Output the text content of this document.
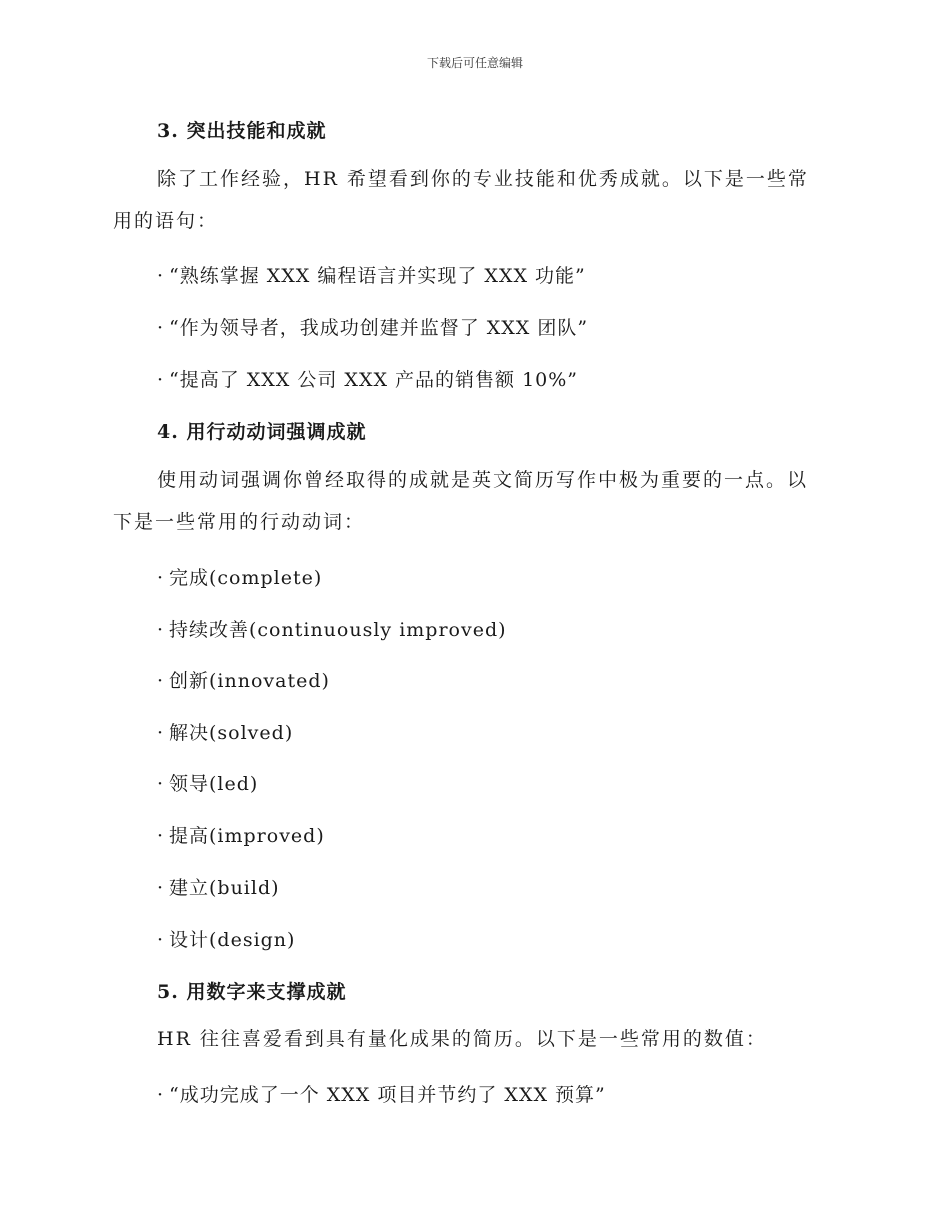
下载后可任意编辑
3. 突出技能和成就
除了工作经验，HR 希望看到你的专业技能和优秀成就。以下是一些常用的语句：
· “熟练掌握 XXX 编程语言并实现了 XXX 功能”
· “作为领导者，我成功创建并监督了 XXX 团队”
· “提高了 XXX 公司 XXX 产品的销售额 10%”
4. 用行动动词强调成就
使用动词强调你曾经取得的成就是英文简历写作中极为重要的一点。以下是一些常用的行动动词：
· 完成(complete)
· 持续改善(continuously improved)
· 创新(innovated)
· 解决(solved)
· 领导(led)
· 提高(improved)
· 建立(build)
· 设计(design)
5. 用数字来支撑成就
HR 往往喜爱看到具有量化成果的简历。以下是一些常用的数值：
· “成功完成了一个 XXX 项目并节约了 XXX 预算”
